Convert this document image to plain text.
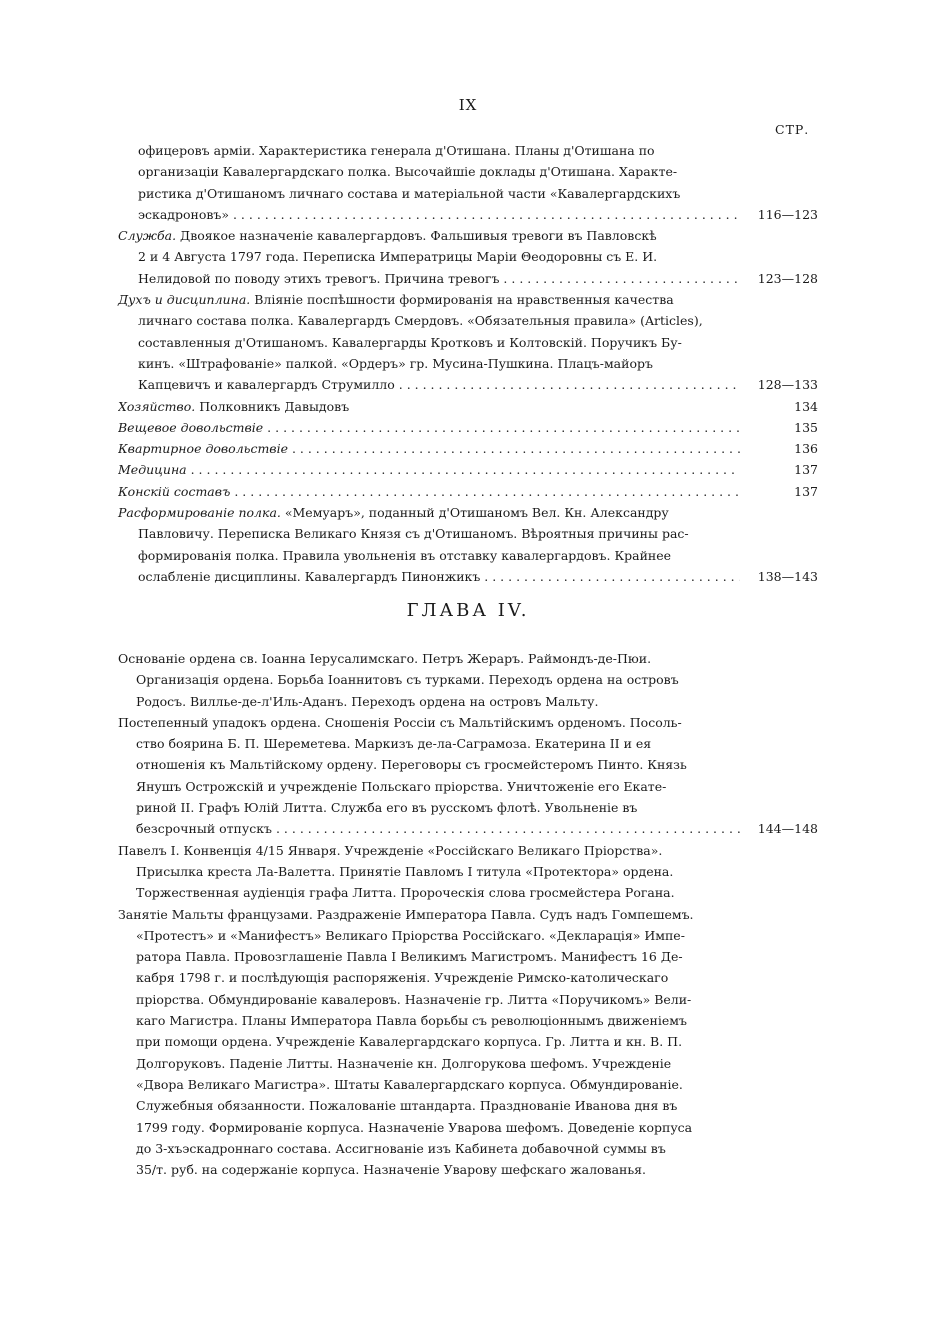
IX
СТР.
офицеровъ арміи. Характеристика генерала д'Отишана. Планы д'Отишана по
организаціи Кавалергардскаго полка. Высочайшіе доклады д'Отишана. Характе-
ристика д'Отишаномъ личнаго состава и матеріальной части «Кавалергардскихъ
эскадроновъ» . . .	116—123
Служба. Двоякое назначеніе кавалергардовъ. Фальшивыя тревоги въ Павловскѣ
2 и 4 Августа 1797 года. Переписка Императрицы Маріи Θеодоровны съ Е. И.
Нелидовой по поводу этихъ тревогъ. Причина тревогъ . . .	123—128
Духъ и дисциплина. Вліяніе поспѣшности формированія на нравственныя качества
личнаго состава полка. Кавалергардъ Смердовъ. «Обязательныя правила» (Articles),
составленныя д'Отишаномъ. Кавалергарды Кротковъ и Колтовскій. Поручикъ Бу-
кинъ. «Штрафованіе» палкой. «Ордеръ» гр. Мусина-Пушкина. Плацъ-майоръ
Капцевичъ и кавалергардъ Струмилло . . .	128—133
Хозяйство. Полковникъ Давыдовъ	134
Вещевое довольствіе . . .	135
Квартирное довольствіе . . .	136
Медицина . . .	137
Конскій составъ . . .	137
Расформированіе полка. «Мемуаръ», поданный д'Отишаномъ Вел. Кн. Александру
Павловичу. Переписка Великаго Князя съ д'Отишаномъ. Вѣроятныя причины рас-
формированія полка. Правила увольненія въ отставку кавалергардовъ. Крайнее
ослабленіе дисциплины. Кавалергардъ Пинонжикъ . . .	138—143
ГЛАВА IV.
Основаніе ордена св. Іоанна Іерусалимскаго. Петръ Жераръ. Раймондъ-де-Пюи.
Организація ордена. Борьба Іоаннитовъ съ турками. Переходъ ордена на островъ
Родосъ. Вилльe-де-л'Иль-Аданъ. Переходъ ордена на островъ Мальту.
Постепенный упадокъ ордена. Сношенія Россіи съ Мальтійскимъ орденомъ. Посоль-
ство боярина Б. П. Шереметева. Маркизъ де-ла-Саграмоза. Екатерина II и ея
отношенія къ Мальтійскому ордену. Переговоры съ гросмейстеромъ Пинто. Князь
Янушъ Острожскій и учрежденіе Польскаго пріорства. Уничтоженіе его Екате-
риной II. Графъ Юлій Литта. Служба его въ русскомъ флотѣ. Увольненіе въ
безсрочный отпускъ . . .	144—148
Павелъ I. Конвенція 4/15 Января. Учрежденіе «Россійскаго Великаго Пріорства».
Присылка креста Ла-Валетта. Принятіе Павломъ I титула «Протектора» ордена.
Торжественная аудіенція графа Литта. Пророческія слова гросмейстера Рогана.
Занятіе Мальты французами. Раздраженіе Императора Павла. Судъ надъ Гомпешемъ.
«Протестъ» и «Манифестъ» Великаго Пріорства Россійскаго. «Декларація» Импе-
ратора Павла. Провозглашеніе Павла I Великимъ Магистромъ. Манифестъ 16 Де-
кабря 1798 г. и послѣдующія распоряженія. Учрежденіе Римско-католическаго
пріорства. Обмундированіе кавалеровъ. Назначеніе гр. Литта «Поручикомъ» Вели-
каго Магистра. Планы Императора Павла борьбы съ революціоннымъ движеніемъ
при помощи ордена. Учрежденіе Кавалергардскаго корпуса. Гр. Литта и кн. В. П.
Долгоруковъ. Паденіе Литты. Назначеніе кн. Долгорукова шефомъ. Учрежденіе
«Двора Великаго Магистра». Штаты Кавалергардскаго корпуса. Обмундированіе.
Служебныя обязанности. Пожалованіе штандарта. Празднованіе Иванова дня въ
1799 году. Формированіе корпуса. Назначеніе Уварова шефомъ. Доведеніе корпуса
до 3-хъэскадроннаго состава. Ассигнованіе изъ Кабинета добавочной суммы въ
35/т. руб. на содержаніе корпуса. Назначеніе Уварову шефскаго жалованья.
